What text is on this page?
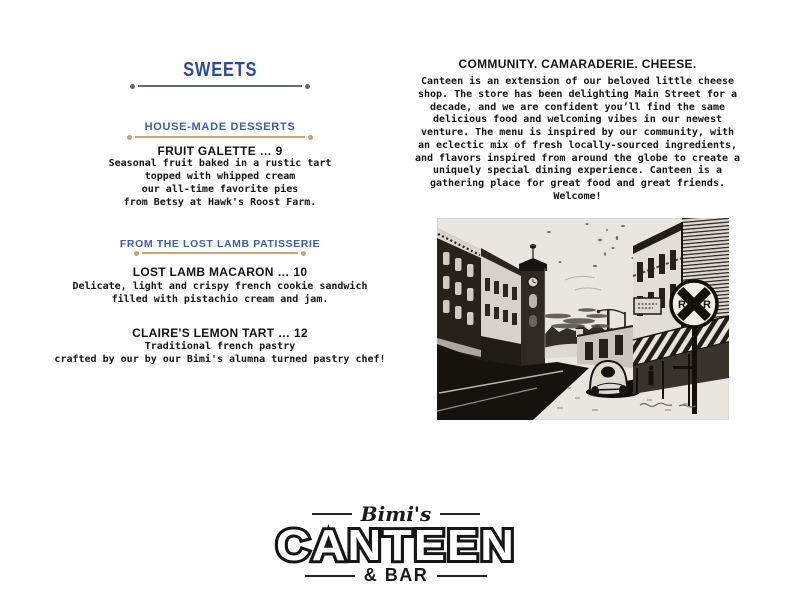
SWEETS
HOUSE-MADE DESSERTS
FRUIT GALETTE … 9
Seasonal fruit baked in a rustic tart
topped with whipped cream
our all-time favorite pies
from Betsy at Hawk's Roost Farm.
FROM THE LOST LAMB PATISSERIE
LOST LAMB MACARON … 10
Delicate, light and crispy french cookie sandwich
filled with pistachio cream and jam.
CLAIRE'S LEMON TART … 12
Traditional french pastry
crafted by our by our Bimi's alumna turned pastry chef!
COMMUNITY. CAMARADERIE. CHEESE.
Canteen is an extension of our beloved little cheese
shop. The store has been delighting Main Street for a
decade, and we are confident you’ll find the same
delicious food and welcoming vibes in our newest
venture. The menu is inspired by our community, with
an eclectic mix of fresh locally-sourced ingredients,
and flavors inspired from around the globe to create a
uniquely special dining experience. Canteen is a
gathering place for great food and great friends.
Welcome!
R R
Bimi's
CANTEEN
& BAR
